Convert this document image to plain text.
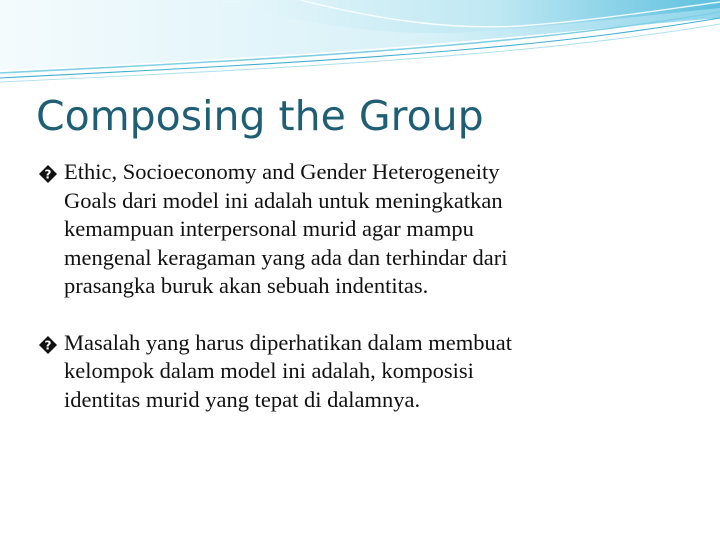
Composing the Group

? Ethic, Socioeconomy and Gender Heterogeneity
Goals dari model ini adalah untuk meningkatkan
kemampuan interpersonal murid agar mampu
mengenal keragaman yang ada dan terhindar dari
prasangka buruk akan sebuah indentitas.

? Masalah yang harus diperhatikan dalam membuat
kelompok dalam model ini adalah, komposisi
identitas murid yang tepat di dalamnya.
